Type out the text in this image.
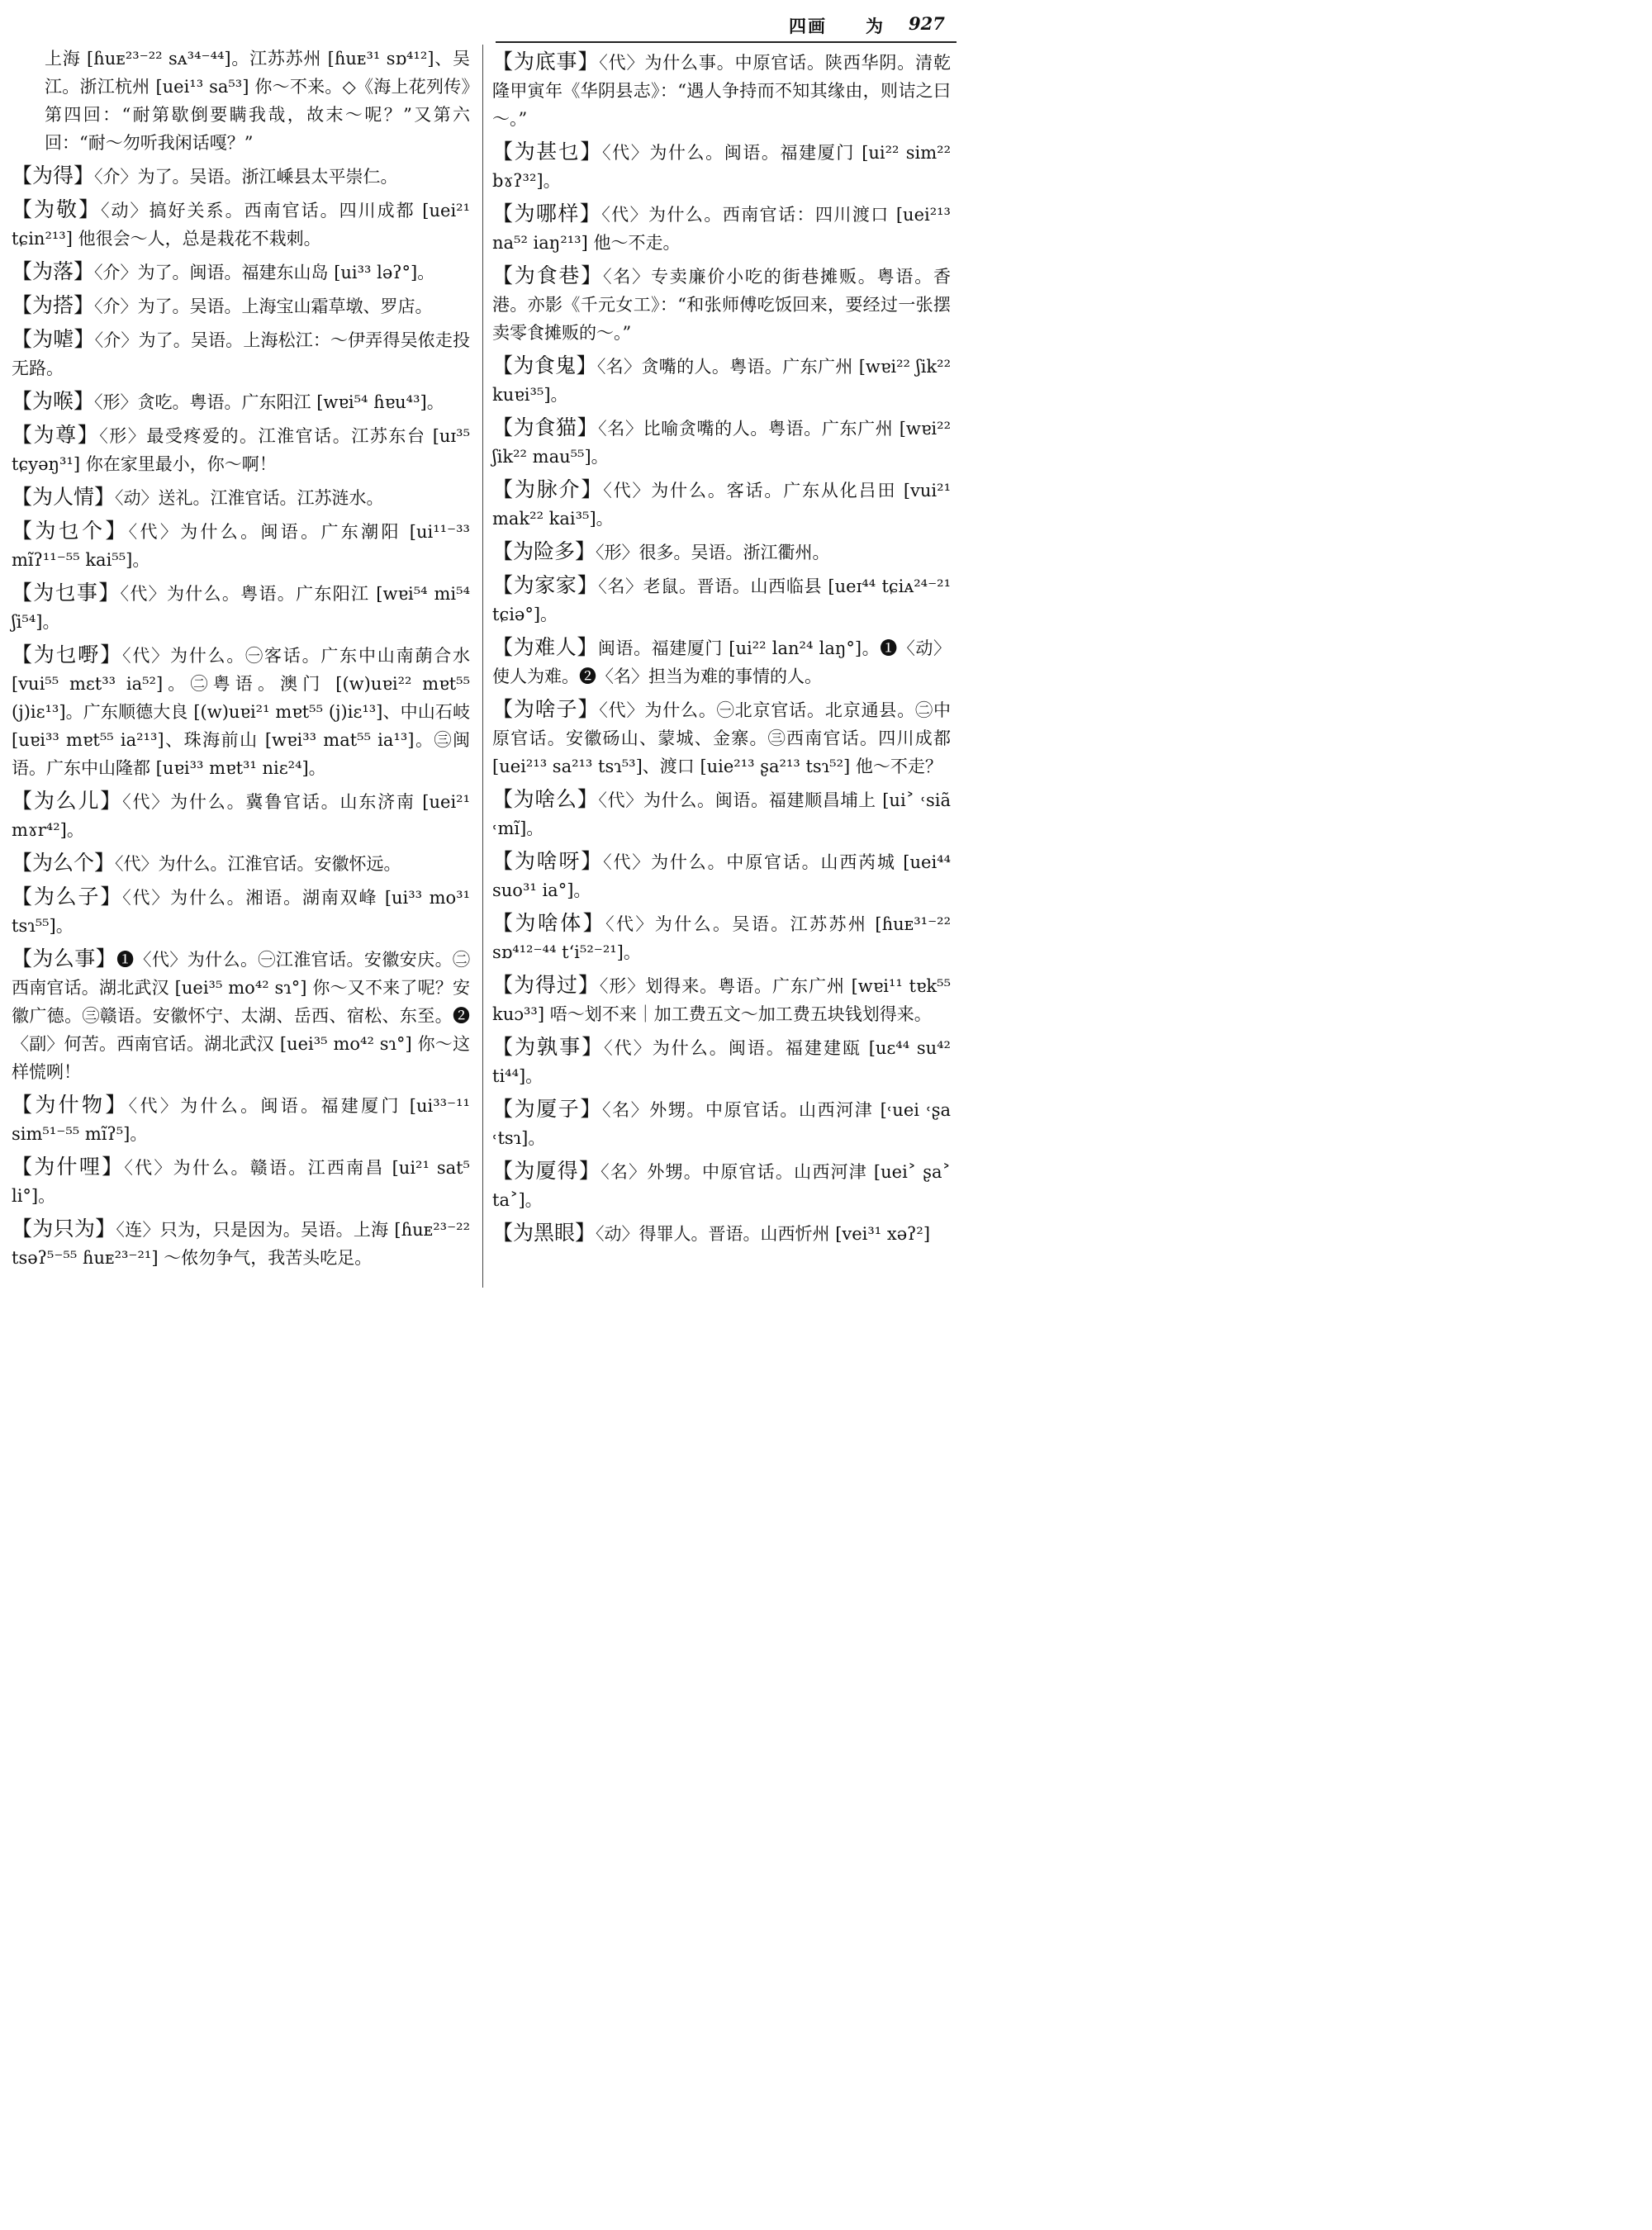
四画 为 927
上海 [ɦuᴇ²³⁻²² sᴀ³⁴⁻⁴⁴]。江苏苏州 [ɦuᴇ³¹ sɒ⁴¹²]、吴江。浙江杭州 [uei¹³ sa⁵³] 你～不来。◇《海上花列传》第四回：“耐第歇倒要瞒我哉，故末～呢？”又第六回：“耐～勿听我闲话嘎？”
【为得】〈介〉为了。吴语。浙江嵊县太平崇仁。
【为敬】〈动〉搞好关系。西南官话。四川成都 [uei²¹ tɕin²¹³] 他很会～人，总是栽花不栽刺。
【为落】〈介〉为了。闽语。福建东山岛 [ui³³ ləʔ°]。
【为搭】〈介〉为了。吴语。上海宝山霜草墩、罗店。
【为㖸】〈介〉为了。吴语。上海松江：～伊弄得吴侬走投无路。
【为喉】〈形〉贪吃。粤语。广东阳江 [wɐi⁵⁴ ɦɐu⁴³]。
【为尊】〈形〉最受疼爱的。江淮官话。江苏东台 [uɪ³⁵ tɕyəŋ³¹] 你在家里最小，你～啊！
【为人情】〈动〉送礼。江淮官话。江苏涟水。
【为乜个】〈代〉为什么。闽语。广东潮阳 [ui¹¹⁻³³ mĩʔ¹¹⁻⁵⁵ kai⁵⁵]。
【为乜事】〈代〉为什么。粤语。广东阳江 [wɐi⁵⁴ mi⁵⁴ ʃi⁵⁴]。
【为乜嘢】〈代〉为什么。㊀客话。广东中山南蓢合水 [vui⁵⁵ mɛt³³ ia⁵²]。㊁粤语。澳门 [(w)uɐi²² mɐt⁵⁵ (j)iɛ¹³]。广东顺德大良 [(w)uɐi²¹ mɐt⁵⁵ (j)iɛ¹³]、中山石岐 [uɐi³³ mɐt⁵⁵ ia²¹³]、珠海前山 [wɐi³³ mat⁵⁵ ia¹³]。㊂闽语。广东中山隆都 [uɐi³³ mɐt³¹ niɛ²⁴]。
【为么儿】〈代〉为什么。冀鲁官话。山东济南 [uei²¹ mɤr⁴²]。
【为么个】〈代〉为什么。江淮官话。安徽怀远。
【为么子】〈代〉为什么。湘语。湖南双峰 [ui³³ mo³¹ tsɿ⁵⁵]。
【为么事】❶〈代〉为什么。㊀江淮官话。安徽安庆。㊁西南官话。湖北武汉 [uei³⁵ mo⁴² sɿ°] 你～又不来了呢？安徽广德。㊂赣语。安徽怀宁、太湖、岳西、宿松、东至。❷〈副〉何苦。西南官话。湖北武汉 [uei³⁵ mo⁴² sɿ°] 你～这样慌咧！
【为什物】〈代〉为什么。闽语。福建厦门 [ui³³⁻¹¹ sim⁵¹⁻⁵⁵ mĩʔ⁵]。
【为什哩】〈代〉为什么。赣语。江西南昌 [ui²¹ sat⁵ li°]。
【为只为】〈连〉只为，只是因为。吴语。上海 [ɦuᴇ²³⁻²² tsəʔ⁵⁻⁵⁵ ɦuᴇ²³⁻²¹] ～侬勿争气，我苦头吃足。
【为底事】〈代〉为什么事。中原官话。陕西华阴。清乾隆甲寅年《华阴县志》：“遇人争持而不知其缘由，则诘之曰～。”
【为甚乜】〈代〉为什么。闽语。福建厦门 [ui²² sim²² bɤʔ³²]。
【为哪样】〈代〉为什么。西南官话：四川渡口 [uei²¹³ na⁵² iaŋ²¹³] 他～不走。
【为食巷】〈名〉专卖廉价小吃的街巷摊贩。粤语。香港。亦影《千元女工》：“和张师傅吃饭回来，要经过一张摆卖零食摊贩的～。”
【为食鬼】〈名〉贪嘴的人。粤语。广东广州 [wɐi²² ʃik²² kuɐi³⁵]。
【为食猫】〈名〉比喻贪嘴的人。粤语。广东广州 [wɐi²² ʃik²² mau⁵⁵]。
【为脉介】〈代〉为什么。客话。广东从化吕田 [vui²¹ mak²² kai³⁵]。
【为险多】〈形〉很多。吴语。浙江衢州。
【为家家】〈名〉老鼠。晋语。山西临县 [ueɪ⁴⁴ tɕiᴀ²⁴⁻²¹ tɕiə°]。
【为难人】闽语。福建厦门 [ui²² lan²⁴ laŋ°]。❶〈动〉使人为难。❷〈名〉担当为难的事情的人。
【为啥子】〈代〉为什么。㊀北京官话。北京通县。㊁中原官话。安徽砀山、蒙城、金寨。㊂西南官话。四川成都 [uei²¹³ sa²¹³ tsɿ⁵³]、渡口 [uie²¹³ ʂa²¹³ tsɿ⁵²] 他～不走？
【为啥么】〈代〉为什么。闽语。福建顺昌埔上 [ui˃ ˓siã ˓mĩ]。
【为啥呀】〈代〉为什么。中原官话。山西芮城 [uei⁴⁴ suo³¹ ia°]。
【为啥体】〈代〉为什么。吴语。江苏苏州 [ɦuᴇ³¹⁻²² sɒ⁴¹²⁻⁴⁴ tʻi⁵²⁻²¹]。
【为得过】〈形〉划得来。粤语。广东广州 [wɐi¹¹ tɐk⁵⁵ kuɔ³³] 唔～划不来｜加工费五文～加工费五块钱划得来。
【为孰事】〈代〉为什么。闽语。福建建瓯 [uɛ⁴⁴ su⁴² ti⁴⁴]。
【为厦子】〈名〉外甥。中原官话。山西河津 [˓uei ˓ʂa ˓tsɿ]。
【为厦得】〈名〉外甥。中原官话。山西河津 [uei˃ ʂa˃ ta˃]。
【为黑眼】〈动〉得罪人。晋语。山西忻州 [vei³¹ xəʔ²]
